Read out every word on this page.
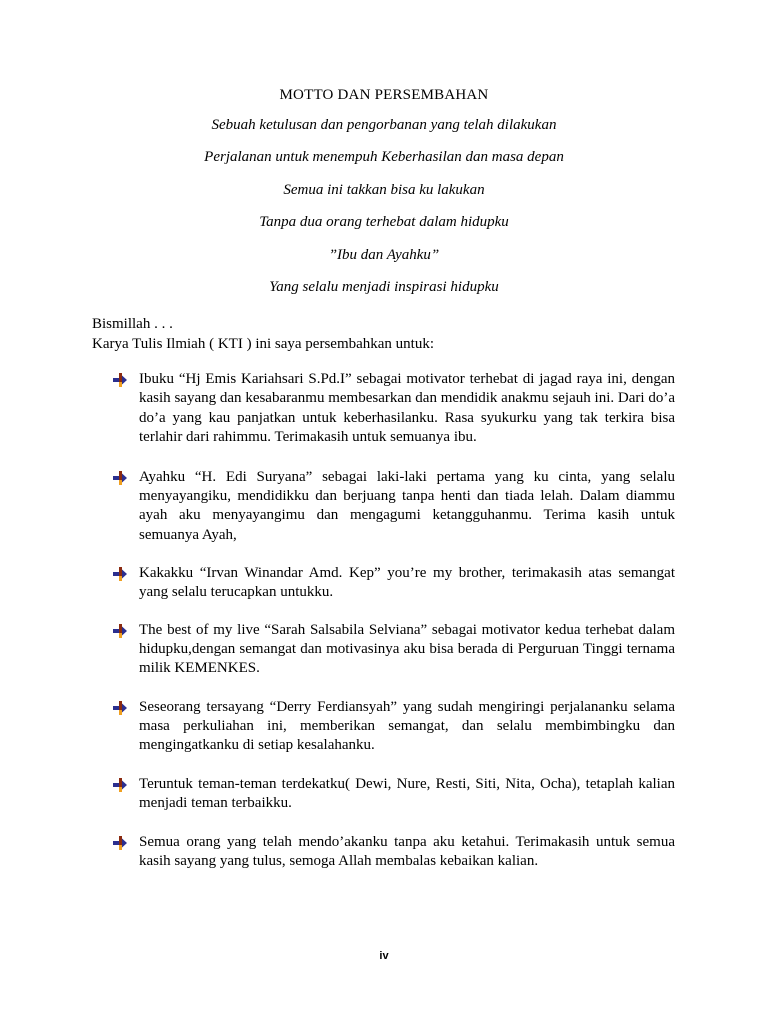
MOTTO DAN PERSEMBAHAN
Sebuah ketulusan dan pengorbanan yang telah dilakukan
Perjalanan untuk menempuh Keberhasilan dan masa depan
Semua ini takkan bisa ku lakukan
Tanpa dua orang terhebat dalam hidupku
”Ibu dan Ayahku”
Yang selalu menjadi inspirasi hidupku
Bismillah . . .
Karya Tulis Ilmiah ( KTI ) ini saya persembahkan untuk:
Ibuku “Hj Emis Kariahsari S.Pd.I” sebagai motivator terhebat di jagad raya ini, dengan kasih sayang dan kesabaranmu membesarkan dan mendidik anakmu sejauh ini. Dari do’a do’a yang kau panjatkan untuk keberhasilanku. Rasa syukurku yang tak terkira bisa terlahir dari rahimmu. Terimakasih untuk semuanya ibu.
Ayahku “H. Edi Suryana” sebagai laki-laki pertama yang ku cinta, yang selalu menyayangiku, mendidikku dan berjuang tanpa henti dan tiada lelah. Dalam diammu ayah aku menyayangimu dan mengagumi ketangguhanmu. Terima kasih untuk semuanya Ayah,
Kakakku “Irvan Winandar Amd. Kep” you’re my brother, terimakasih atas semangat yang selalu terucapkan untukku.
The best of my live “Sarah Salsabila Selviana” sebagai motivator kedua terhebat dalam hidupku,dengan semangat dan motivasinya aku bisa berada di Perguruan Tinggi ternama milik KEMENKES.
Seseorang tersayang “Derry Ferdiansyah” yang sudah mengiringi perjalananku selama masa perkuliahan ini, memberikan semangat, dan selalu membimbingku dan mengingatkanku di setiap kesalahanku.
Teruntuk teman-teman terdekatku( Dewi, Nure, Resti, Siti, Nita, Ocha), tetaplah kalian menjadi teman terbaikku.
Semua orang yang telah mendo’akanku tanpa aku ketahui. Terimakasih untuk semua kasih sayang yang tulus, semoga Allah membalas kebaikan kalian.
iv
